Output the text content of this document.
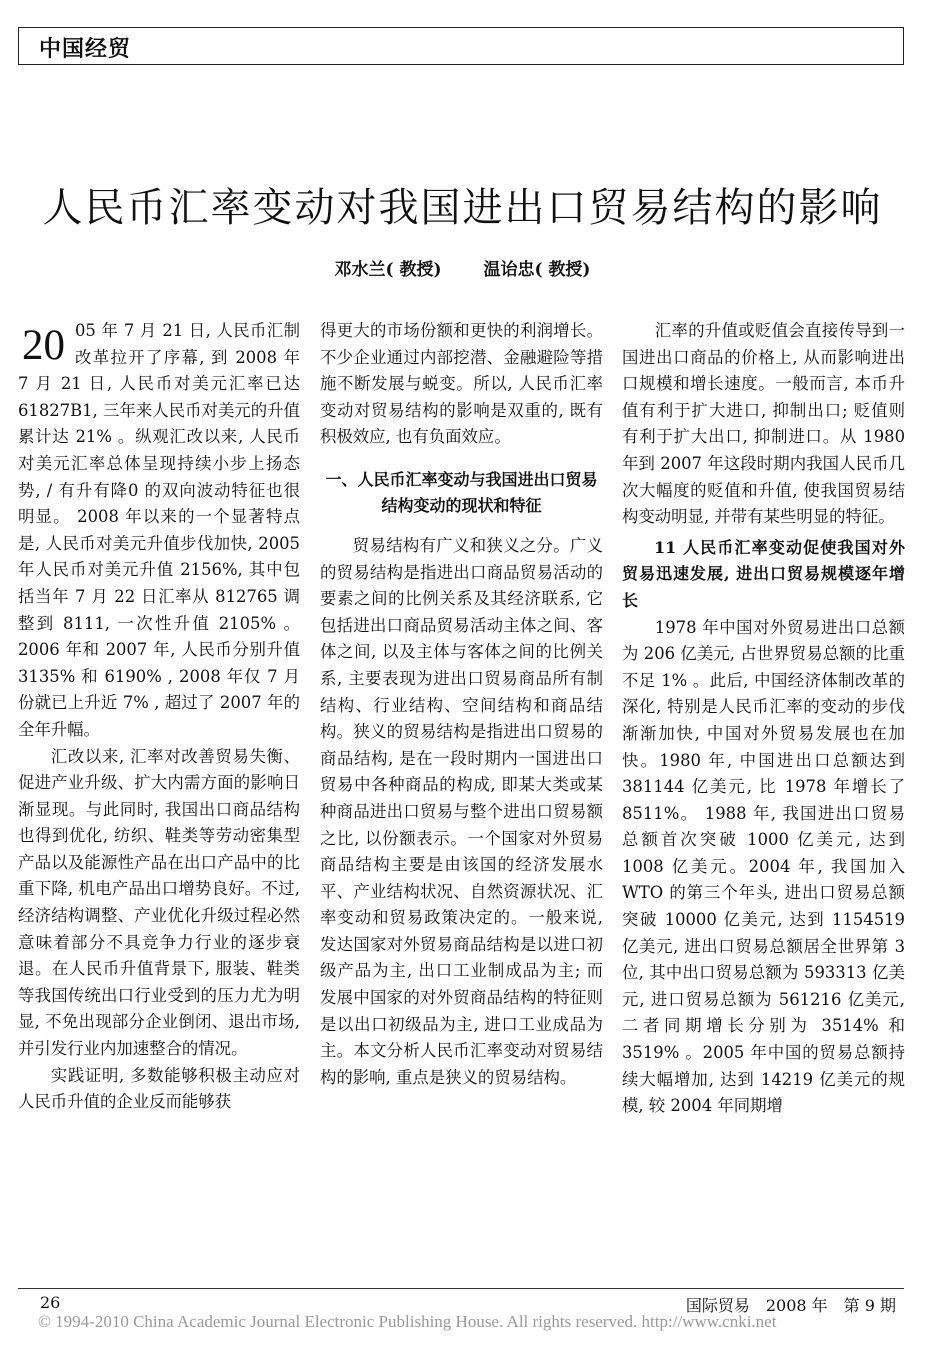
中国经贸
人民币汇率变动对我国进出口贸易结构的影响
邓水兰( 教授) 温诒忠( 教授)
20 05 年 7 月 21 日, 人民币汇制改革拉开了序幕, 到 2008 年 7 月 21 日, 人民币对美元汇率已达 61827B1, 三年来人民币对美元的升值累计达 21% 。纵观汇改以来, 人民币对美元汇率总体呈现持续小步上扬态势, / 有升有降0 的双向波动特征也很明显。 2008 年以来的一个显著特点是, 人民币对美元升值步伐加快, 2005 年人民币对美元升值 2156%, 其中包括当年 7 月 22 日汇率从 812765 调整到 8111, 一次性升值 2105% 。2006 年和 2007 年, 人民币分别升值 3135% 和 6190% , 2008 年仅 7 月份就已上升近 7% , 超过了 2007 年的全年升幅。

汇改以来, 汇率对改善贸易失衡、促进产业升级、扩大内需方面的影响日渐显现。与此同时, 我国出口商品结构也得到优化, 纺织、鞋类等劳动密集型产品以及能源性产品在出口产品中的比重下降, 机电产品出口增势良好。不过, 经济结构调整、产业优化升级过程必然意味着部分不具竞争力行业的逐步衰退。在人民币升值背景下, 服装、鞋类等我国传统出口行业受到的压力尤为明显, 不免出现部分企业倒闭、退出市场, 并引发行业内加速整合的情况。

实践证明, 多数能够积极主动应对人民币升值的企业反而能够获

得更大的市场份额和更快的利润增长。不少企业通过内部挖潜、金融避险等措施不断发展与蜕变。所以, 人民币汇率变动对贸易结构的影响是双重的, 既有积极效应, 也有负面效应。

一、人民币汇率变动与我国进出口贸易结构变动的现状和特征

贸易结构有广义和狭义之分。广义的贸易结构是指进出口商品贸易活动的要素之间的比例关系及其经济联系, 它包括进出口商品贸易活动主体之间、客体之间, 以及主体与客体之间的比例关系, 主要表现为进出口贸易商品所有制结构、行业结构、空间结构和商品结构。狭义的贸易结构是指进出口贸易的商品结构, 是在一段时期内一国进出口贸易中各种商品的构成, 即某大类或某种商品进出口贸易与整个进出口贸易额之比, 以份额表示。一个国家对外贸易商品结构主要是由该国的经济发展水平、产业结构状况、自然资源状况、汇率变动和贸易政策决定的。一般来说, 发达国家对外贸易商品结构是以进口初级产品为主, 出口工业制成品为主; 而发展中国家的对外贸商品结构的特征则是以出口初级品为主, 进口工业成品为主。本文分析人民币汇率变动对贸易结构的影响, 重点是狭义的贸易结构。

汇率的升值或贬值会直接传导到一国进出口商品的价格上, 从而影响进出口规模和增长速度。一般而言, 本币升值有利于扩大进口, 抑制出口; 贬值则有利于扩大出口, 抑制进口。从 1980 年到 2007 年这段时期内我国人民币几次大幅度的贬值和升值, 使我国贸易结构变动明显, 并带有某些明显的特征。

11 人民币汇率变动促使我国对外贸易迅速发展, 进出口贸易规模逐年增长

1978 年中国对外贸易进出口总额为 206 亿美元, 占世界贸易总额的比重不足 1% 。此后, 中国经济体制改革的深化, 特别是人民币汇率的变动的步伐渐渐加快, 中国对外贸易发展也在加快。1980 年, 中国进出口总额达到 381144 亿美元, 比 1978 年增长了 8511%。 1988 年, 我国进出口贸易总额首次突破 1000 亿美元, 达到 1008 亿美元。2004 年, 我国加入 WTO 的第三个年头, 进出口贸易总额突破 10000 亿美元, 达到 1154519 亿美元, 进出口贸易总额居全世界第 3 位, 其中出口贸易总额为 593313 亿美元, 进口贸易总额为 561216 亿美元, 二者同期增长分别为 3514% 和 3519% 。2005 年中国的贸易总额持续大幅增加, 达到 14219 亿美元的规模, 较 2004 年同期增

26	国际贸易　2008 年　第 9 期
© 1994-2010 China Academic Journal Electronic Publishing House. All rights reserved. http://www.cnki.net
